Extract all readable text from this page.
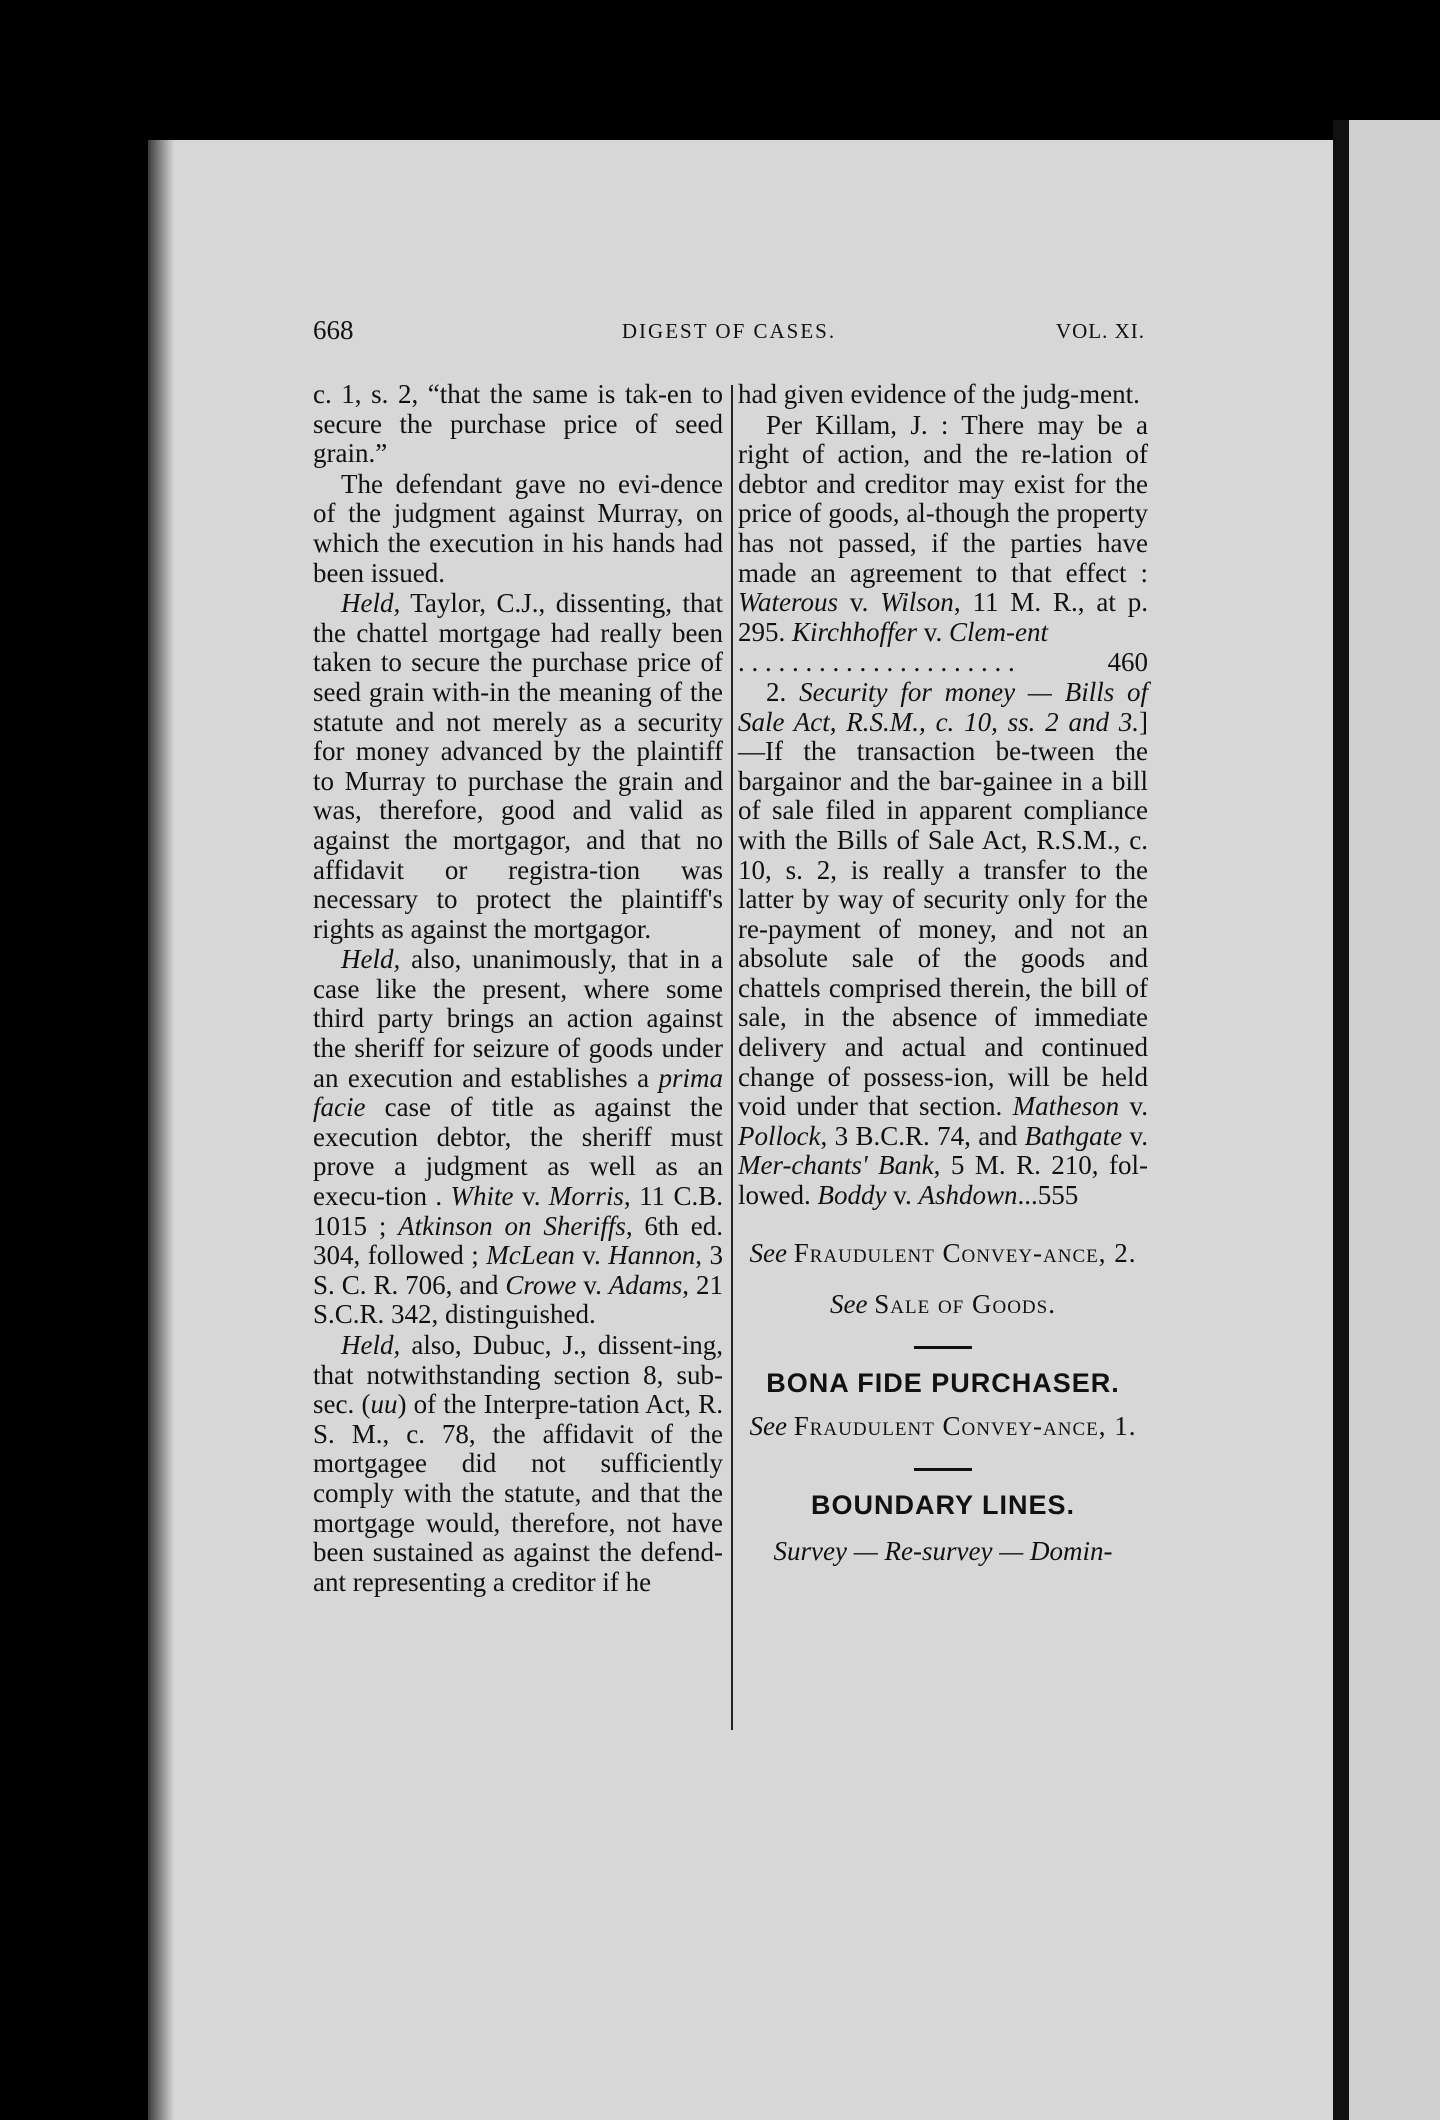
668	DIGEST OF CASES.	VOL. XI.

c. 1, s. 2, “that the same is tak-en to secure the purchase price of seed grain.”

The defendant gave no evi-dence of the judgment against Murray, on which the execution in his hands had been issued.

Held, Taylor, C.J., dissenting, that the chattel mortgage had really been taken to secure the purchase price of seed grain with-in the meaning of the statute and not merely as a security for money advanced by the plaintiff to Murray to purchase the grain and was, therefore, good and valid as against the mortgagor, and that no affidavit or registra-tion was necessary to protect the plaintiff's rights as against the mortgagor.

Held, also, unanimously, that in a case like the present, where some third party brings an action against the sheriff for seizure of goods under an execution and establishes a prima facie case of title as against the execution debtor, the sheriff must prove a judgment as well as an execu-tion . White v. Morris, 11 C.B. 1015 ; Atkinson on Sheriffs, 6th ed. 304, followed ; McLean v. Hannon, 3 S. C. R. 706, and Crowe v. Adams, 21 S.C.R. 342, distinguished.

Held, also, Dubuc, J., dissent-ing, that notwithstanding section 8, sub-sec. (uu) of the Interpre-tation Act, R. S. M., c. 78, the affidavit of the mortgagee did not sufficiently comply with the statute, and that the mortgage would, therefore, not have been sustained as against the defend-ant representing a creditor if he

had given evidence of the judg-ment.

Per Killam, J. : There may be a right of action, and the re-lation of debtor and creditor may exist for the price of goods, al-though the property has not passed, if the parties have made an agreement to that effect : Waterous v. Wilson, 11 M. R., at p. 295. Kirchhoffer v. Clem-ent

. . . . . . . . . . . . . . . . . . . . .	460

2. Security for money — Bills of Sale Act, R.S.M., c. 10, ss. 2 and 3.]—If the transaction be-tween the bargainor and the bar-gainee in a bill of sale filed in apparent compliance with the Bills of Sale Act, R.S.M., c. 10, s. 2, is really a transfer to the latter by way of security only for the re-payment of money, and not an absolute sale of the goods and chattels comprised therein, the bill of sale, in the absence of immediate delivery and actual and continued change of possess-ion, will be held void under that section. Matheson v. Pollock, 3 B.C.R. 74, and Bathgate v. Mer-chants' Bank, 5 M. R. 210, fol-lowed. Boddy v. Ashdown...555

See Fraudulent Convey-ance, 2.
See Sale of Goods.
BONA FIDE PURCHASER.
See Fraudulent Convey-ance, 1.
BOUNDARY LINES.
Survey — Re-survey — Domin-
